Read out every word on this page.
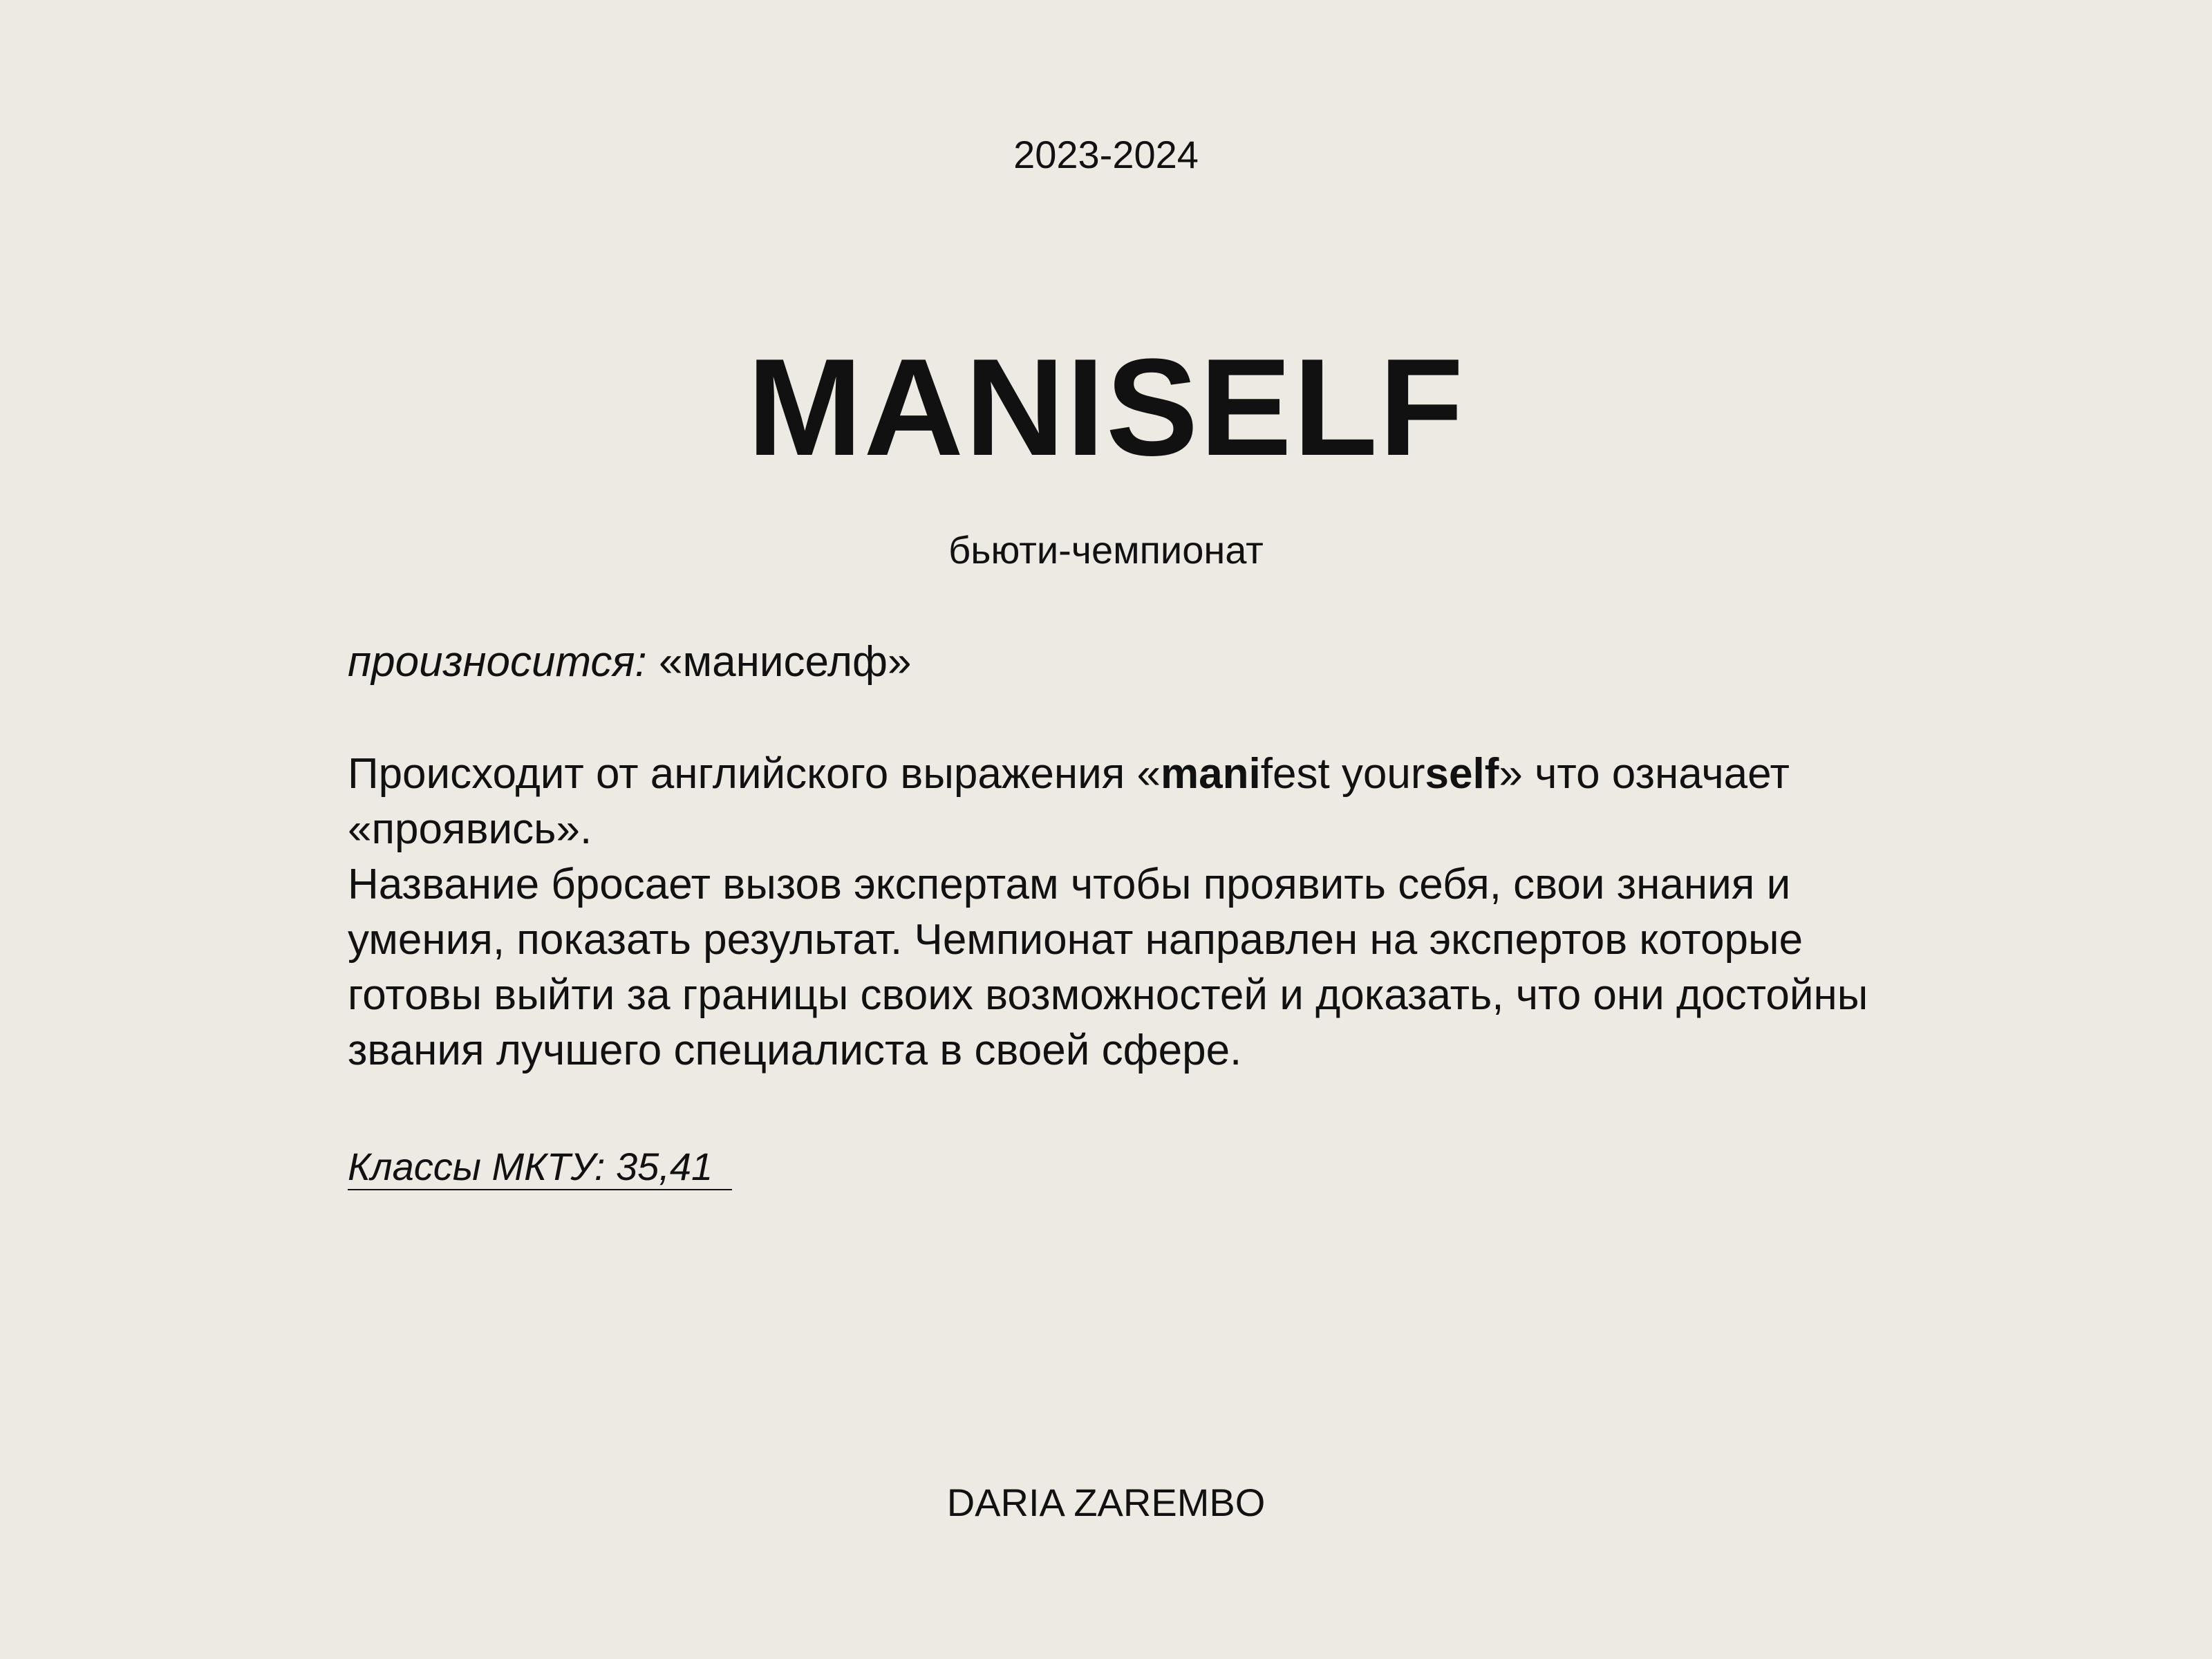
2023-2024
MANISELF
бьюти-чемпионат

произносится: «маниселф»

Происходит от английского выражения «manifest yourself» что означает «проявись».

Название бросает вызов экспертам чтобы проявить себя, свои знания и умения, показать результат. Чемпионат направлен на экспертов которые готовы выйти за границы своих возможностей и доказать, что они достойны звания лучшего специалиста в своей сфере.

Классы МКТУ: 35,41
DARIA ZAREMBO
